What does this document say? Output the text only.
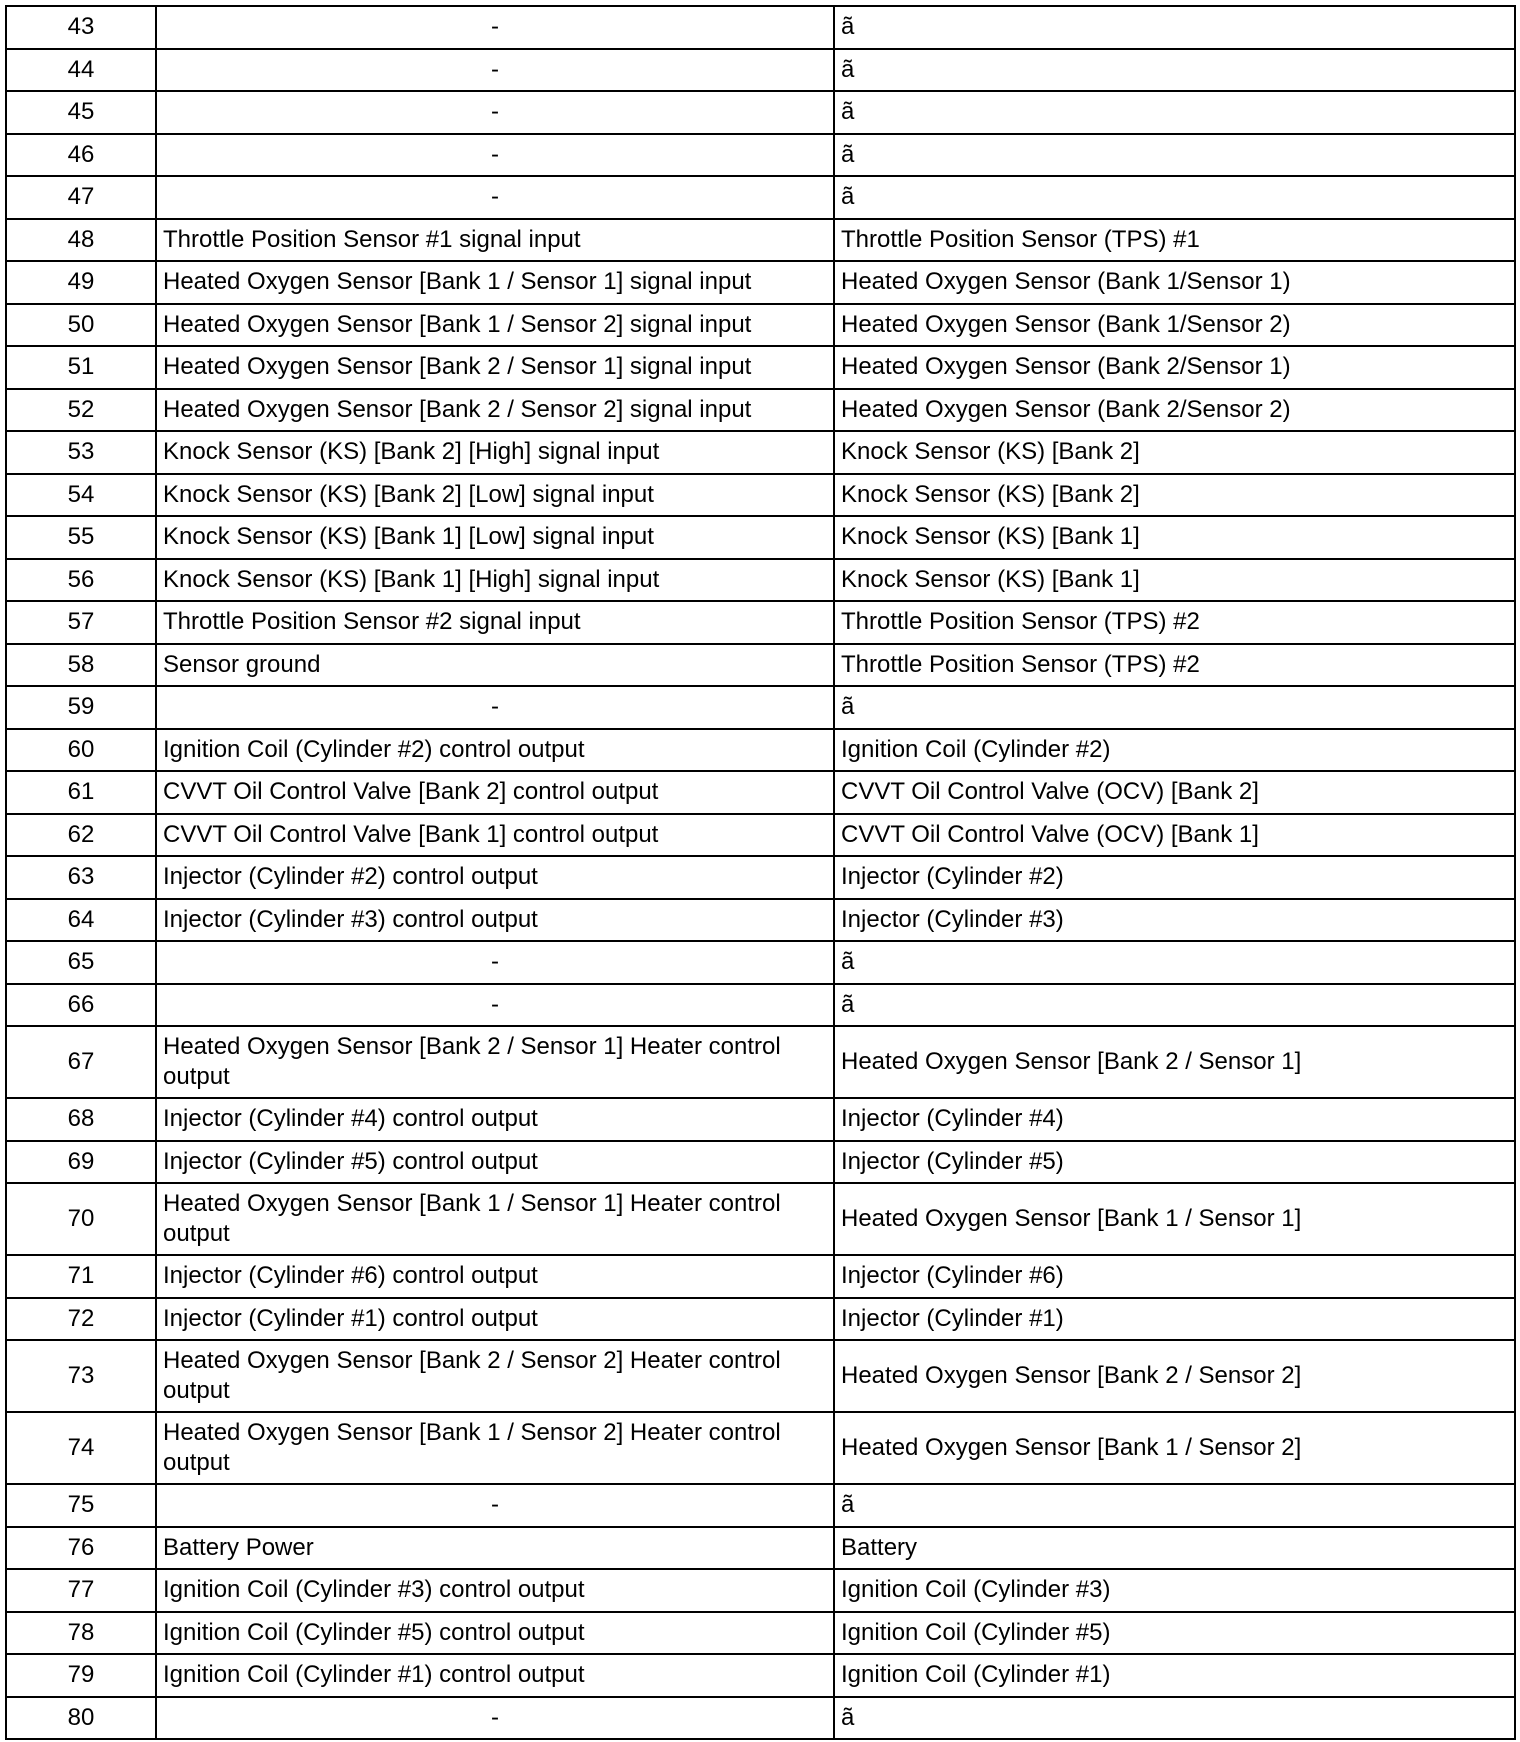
43	-	ã
44	-	ã
45	-	ã
46	-	ã
47	-	ã
48	Throttle Position Sensor #1 signal input	Throttle Position Sensor (TPS) #1
49	Heated Oxygen Sensor [Bank 1 / Sensor 1] signal input	Heated Oxygen Sensor (Bank 1/Sensor 1)
50	Heated Oxygen Sensor [Bank 1 / Sensor 2] signal input	Heated Oxygen Sensor (Bank 1/Sensor 2)
51	Heated Oxygen Sensor [Bank 2 / Sensor 1] signal input	Heated Oxygen Sensor (Bank 2/Sensor 1)
52	Heated Oxygen Sensor [Bank 2 / Sensor 2] signal input	Heated Oxygen Sensor (Bank 2/Sensor 2)
53	Knock Sensor (KS) [Bank 2] [High] signal input	Knock Sensor (KS) [Bank 2]
54	Knock Sensor (KS) [Bank 2] [Low] signal input	Knock Sensor (KS) [Bank 2]
55	Knock Sensor (KS) [Bank 1] [Low] signal input	Knock Sensor (KS) [Bank 1]
56	Knock Sensor (KS) [Bank 1] [High] signal input	Knock Sensor (KS) [Bank 1]
57	Throttle Position Sensor #2 signal input	Throttle Position Sensor (TPS) #2
58	Sensor ground	Throttle Position Sensor (TPS) #2
59	-	ã
60	Ignition Coil (Cylinder #2) control output	Ignition Coil (Cylinder #2)
61	CVVT Oil Control Valve [Bank 2] control output	CVVT Oil Control Valve (OCV) [Bank 2]
62	CVVT Oil Control Valve [Bank 1] control output	CVVT Oil Control Valve (OCV) [Bank 1]
63	Injector (Cylinder #2) control output	Injector (Cylinder #2)
64	Injector (Cylinder #3) control output	Injector (Cylinder #3)
65	-	ã
66	-	ã
67	Heated Oxygen Sensor [Bank 2 / Sensor 1] Heater control output	Heated Oxygen Sensor [Bank 2 / Sensor 1]
68	Injector (Cylinder #4) control output	Injector (Cylinder #4)
69	Injector (Cylinder #5) control output	Injector (Cylinder #5)
70	Heated Oxygen Sensor [Bank 1 / Sensor 1] Heater control output	Heated Oxygen Sensor [Bank 1 / Sensor 1]
71	Injector (Cylinder #6) control output	Injector (Cylinder #6)
72	Injector (Cylinder #1) control output	Injector (Cylinder #1)
73	Heated Oxygen Sensor [Bank 2 / Sensor 2] Heater control output	Heated Oxygen Sensor [Bank 2 / Sensor 2]
74	Heated Oxygen Sensor [Bank 1 / Sensor 2] Heater control output	Heated Oxygen Sensor [Bank 1 / Sensor 2]
75	-	ã
76	Battery Power	Battery
77	Ignition Coil (Cylinder #3) control output	Ignition Coil (Cylinder #3)
78	Ignition Coil (Cylinder #5) control output	Ignition Coil (Cylinder #5)
79	Ignition Coil (Cylinder #1) control output	Ignition Coil (Cylinder #1)
80	-	ã
